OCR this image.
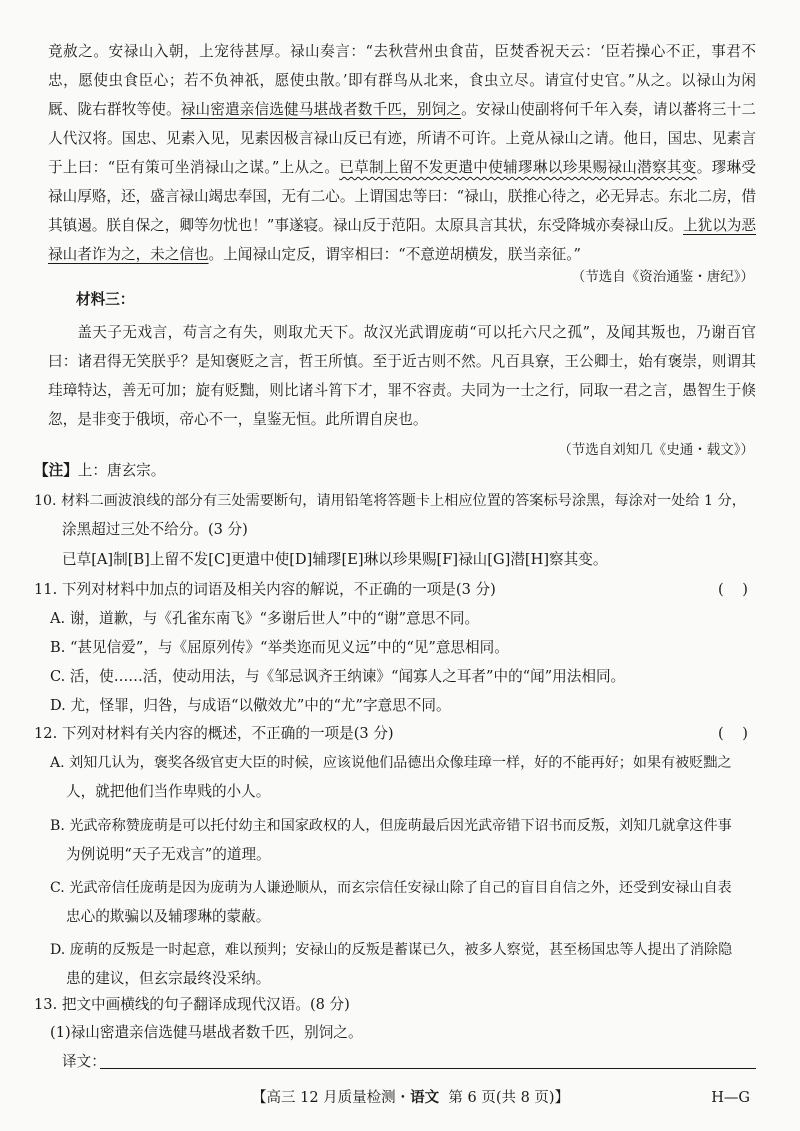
竟赦之。安禄山入朝，上宠待甚厚。禄山奏言：“去秋营州虫食苗，臣焚香祝天云：‘臣若操心不正，事君不忠，愿使虫食臣心；若不负神祇，愿使虫散。’即有群鸟从北来，食虫立尽。请宣付史官。”从之。以禄山为闲厩、陇右群牧等使。禄山密遣亲信选健马堪战者数千匹，别饲之。安禄山使副将何千年入奏，请以蕃将三十二人代汉将。国忠、见素入见，见素因极言禄山反已有迹，所请不可许。上竟从禄山之请。他日，国忠、见素言于上曰：“臣有策可坐消禄山之谋。”上从之。已草制上留不发更遣中使辅璆琳以珍果赐禄山潜察其变。璆琳受禄山厚赂，还，盛言禄山竭忠奉国，无有二心。上谓国忠等曰：“禄山，朕推心待之，必无异志。东北二房，借其镇遏。朕自保之，卿等勿忧也！”事遂寝。禄山反于范阳。太原具言其状，东受降城亦奏禄山反。上犹以为恶禄山者诈为之，未之信也。上闻禄山定反，谓宰相曰：“不意逆胡横发，朕当亲征。”

（节选自《资治通鉴・唐纪》）
材料三：

盖天子无戏言，苟言之有失，则取尤天下。故汉光武谓庞萌“可以托六尺之孤”，及闻其叛也，乃谢百官曰：诸君得无笑朕乎？是知褒贬之言，哲王所慎。至于近古则不然。凡百具寮，王公卿士，始有褒崇，则谓其珪璋特达，善无可加；旋有贬黜，则比诸斗筲下才，罪不容责。夫同为一士之行，同取一君之言，愚智生于倏忽，是非变于俄顷，帝心不一，皇鉴无恒。此所谓自戾也。

（节选自刘知几《史通・载文》）
【注】上：唐玄宗。
10. 材料二画波浪线的部分有三处需要断句，请用铅笔将答题卡上相应位置的答案标号涂黑，每涂对一处给 1 分，
涂黑超过三处不给分。(3 分)
已草[A]制[B]上留不发[C]更遣中使[D]辅璆[E]琳以珍果赐[F]禄山[G]潜[H]察其变。
11. 下列对材料中加点的词语及相关内容的解说，不正确的一项是(3 分)	(    )
A. 谢，道歉，与《孔雀东南飞》“多谢后世人”中的“谢”意思不同。
B. “甚见信爱”，与《屈原列传》“举类迩而见义远”中的“见”意思相同。
C. 活，使……活，使动用法，与《邹忌讽齐王纳谏》“闻寡人之耳者”中的“闻”用法相同。
D. 尤，怪罪，归咎，与成语“以儆效尤”中的“尤”字意思不同。
12. 下列对材料有关内容的概述，不正确的一项是(3 分)	(    )
A. 刘知几认为，褒奖各级官吏大臣的时候，应该说他们品德出众像珪璋一样，好的不能再好；如果有被贬黜之
人，就把他们当作卑贱的小人。
B. 光武帝称赞庞萌是可以托付幼主和国家政权的人，但庞萌最后因光武帝错下诏书而反叛，刘知几就拿这件事
为例说明“天子无戏言”的道理。
C. 光武帝信任庞萌是因为庞萌为人谦逊顺从，而玄宗信任安禄山除了自己的盲目自信之外，还受到安禄山自表
忠心的欺骗以及辅璆琳的蒙蔽。
D. 庞萌的反叛是一时起意，难以预判；安禄山的反叛是蓄谋已久，被多人察觉，甚至杨国忠等人提出了消除隐
患的建议，但玄宗最终没采纳。
13. 把文中画横线的句子翻译成现代汉语。(8 分)
(1)禄山密遣亲信选健马堪战者数千匹，别饲之。
译文：
【高三 12 月质量检测・语文  第 6 页(共 8 页)】	H—G
